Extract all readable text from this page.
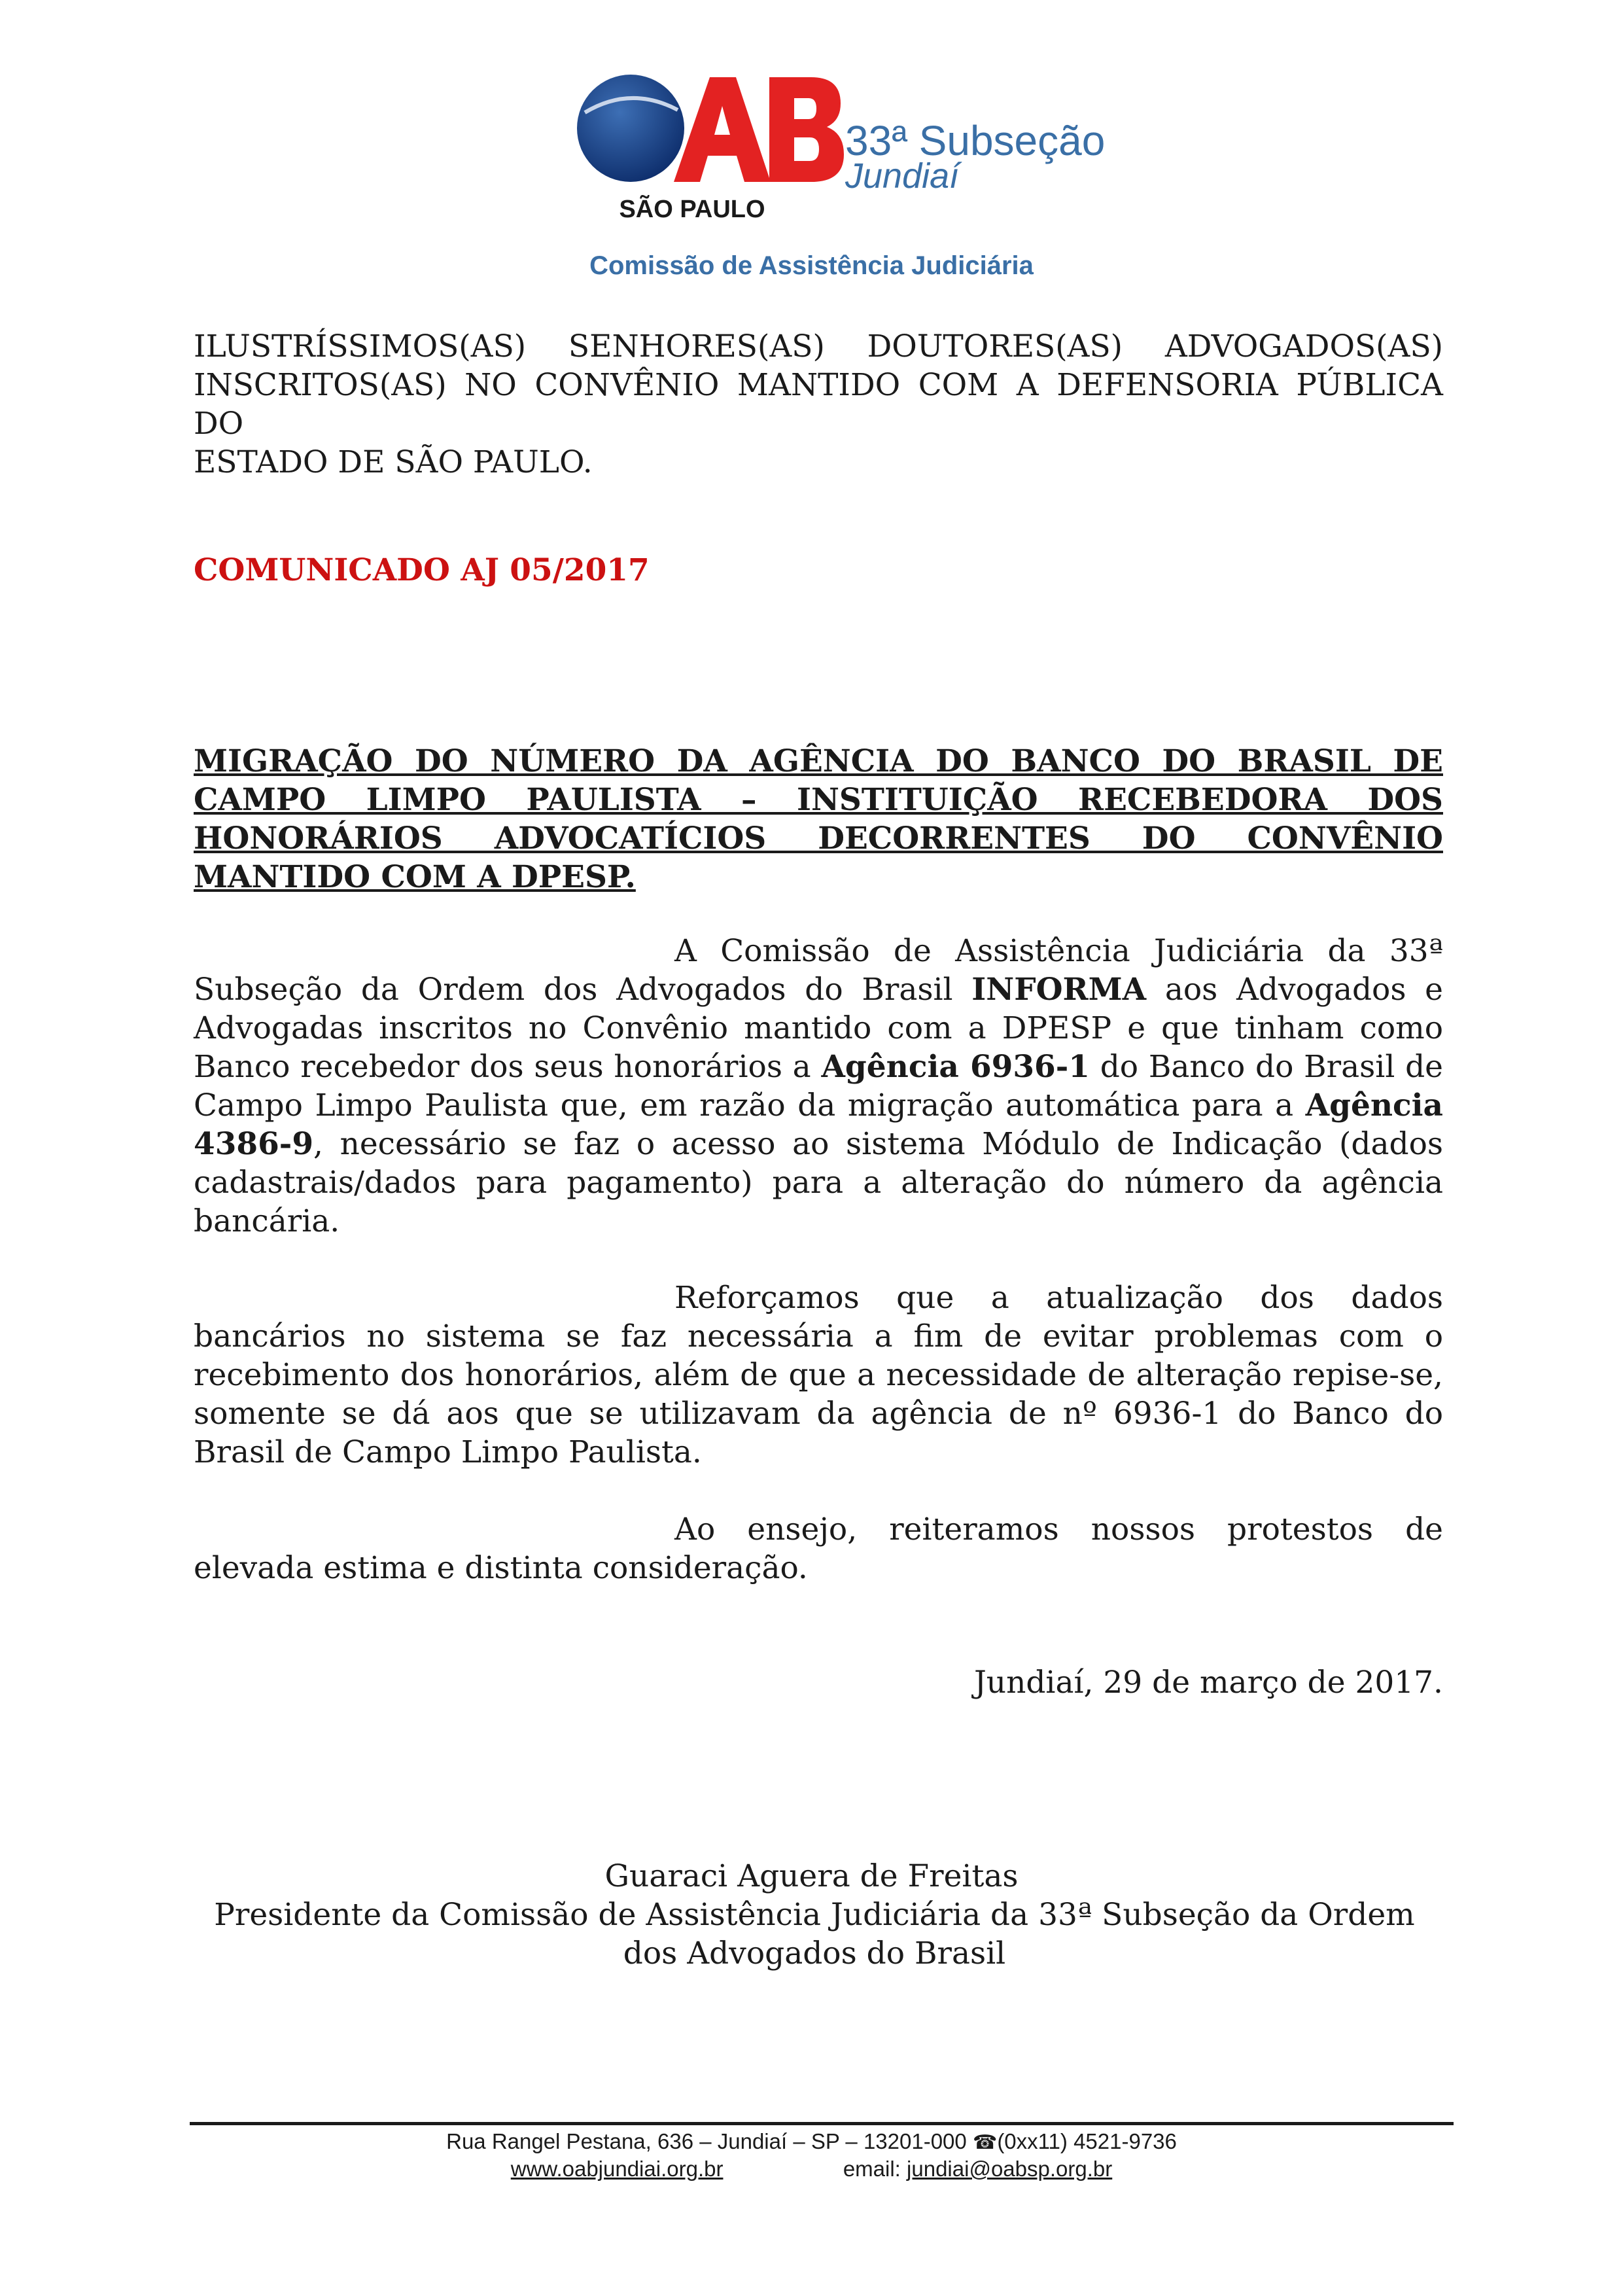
SÃO PAULO
33ª Subseção
Jundiaí
Comissão de Assistência Judiciária

ILUSTRÍSSIMOS(AS) SENHORES(AS) DOUTORES(AS) ADVOGADOS(AS) INSCRITOS(AS) NO CONVÊNIO MANTIDO COM A DEFENSORIA PÚBLICA DO
ESTADO DE SÃO PAULO.

COMUNICADO AJ 05/2017

MIGRAÇÃO DO NÚMERO DA AGÊNCIA DO BANCO DO BRASIL DE CAMPO LIMPO PAULISTA – INSTITUIÇÃO RECEBEDORA DOS HONORÁRIOS ADVOCATÍCIOS DECORRENTES DO CONVÊNIO MANTIDO COM A DPESP.

A Comissão de Assistência Judiciária da 33ª Subseção da Ordem dos Advogados do Brasil INFORMA aos Advogados e Advogadas inscritos no Convênio mantido com a DPESP e que tinham como Banco recebedor dos seus honorários a Agência 6936-1 do Banco do Brasil de Campo Limpo Paulista que, em razão da migração automática para a Agência 4386-9, necessário se faz o acesso ao sistema Módulo de Indicação (dados cadastrais/dados para pagamento) para a alteração do número da agência bancária.

Reforçamos que a atualização dos dados bancários no sistema se faz necessária a fim de evitar problemas com o recebimento dos honorários, além de que a necessidade de alteração repise-se, somente se dá aos que se utilizavam da agência de nº 6936-1 do Banco do Brasil de Campo Limpo Paulista.

Ao ensejo, reiteramos nossos protestos de elevada estima e distinta consideração.

Jundiaí, 29 de março de 2017.

Guaraci Aguera de Freitas

Presidente da Comissão de Assistência Judiciária da 33ª Subseção da Ordem dos Advogados do Brasil

Rua Rangel Pestana, 636 – Jundiaí – SP – 13201-000 ☎(0xx11) 4521-9736
www.oabjundiai.org.br	email: jundiai@oabsp.org.br
